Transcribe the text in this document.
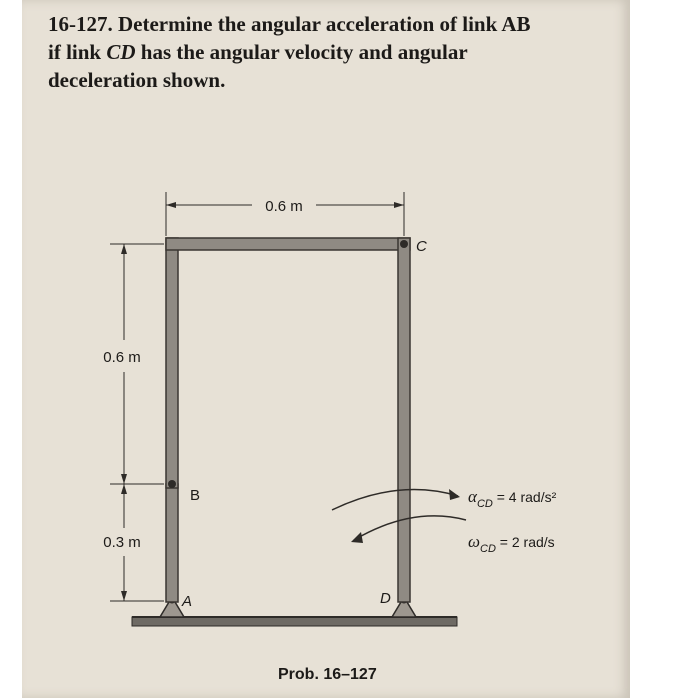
16-127. Determine the angular acceleration of link AB
if link CD has the angular velocity and angular
deceleration shown.
0.6 m
0.6 m
0.3 m
B
C
A	D
$\alpha_{CD}$ $^{= 4 rad/s^2}$
$\omega_{CD}$ $^{= 2 rad/s}$
Prob. 16–127
